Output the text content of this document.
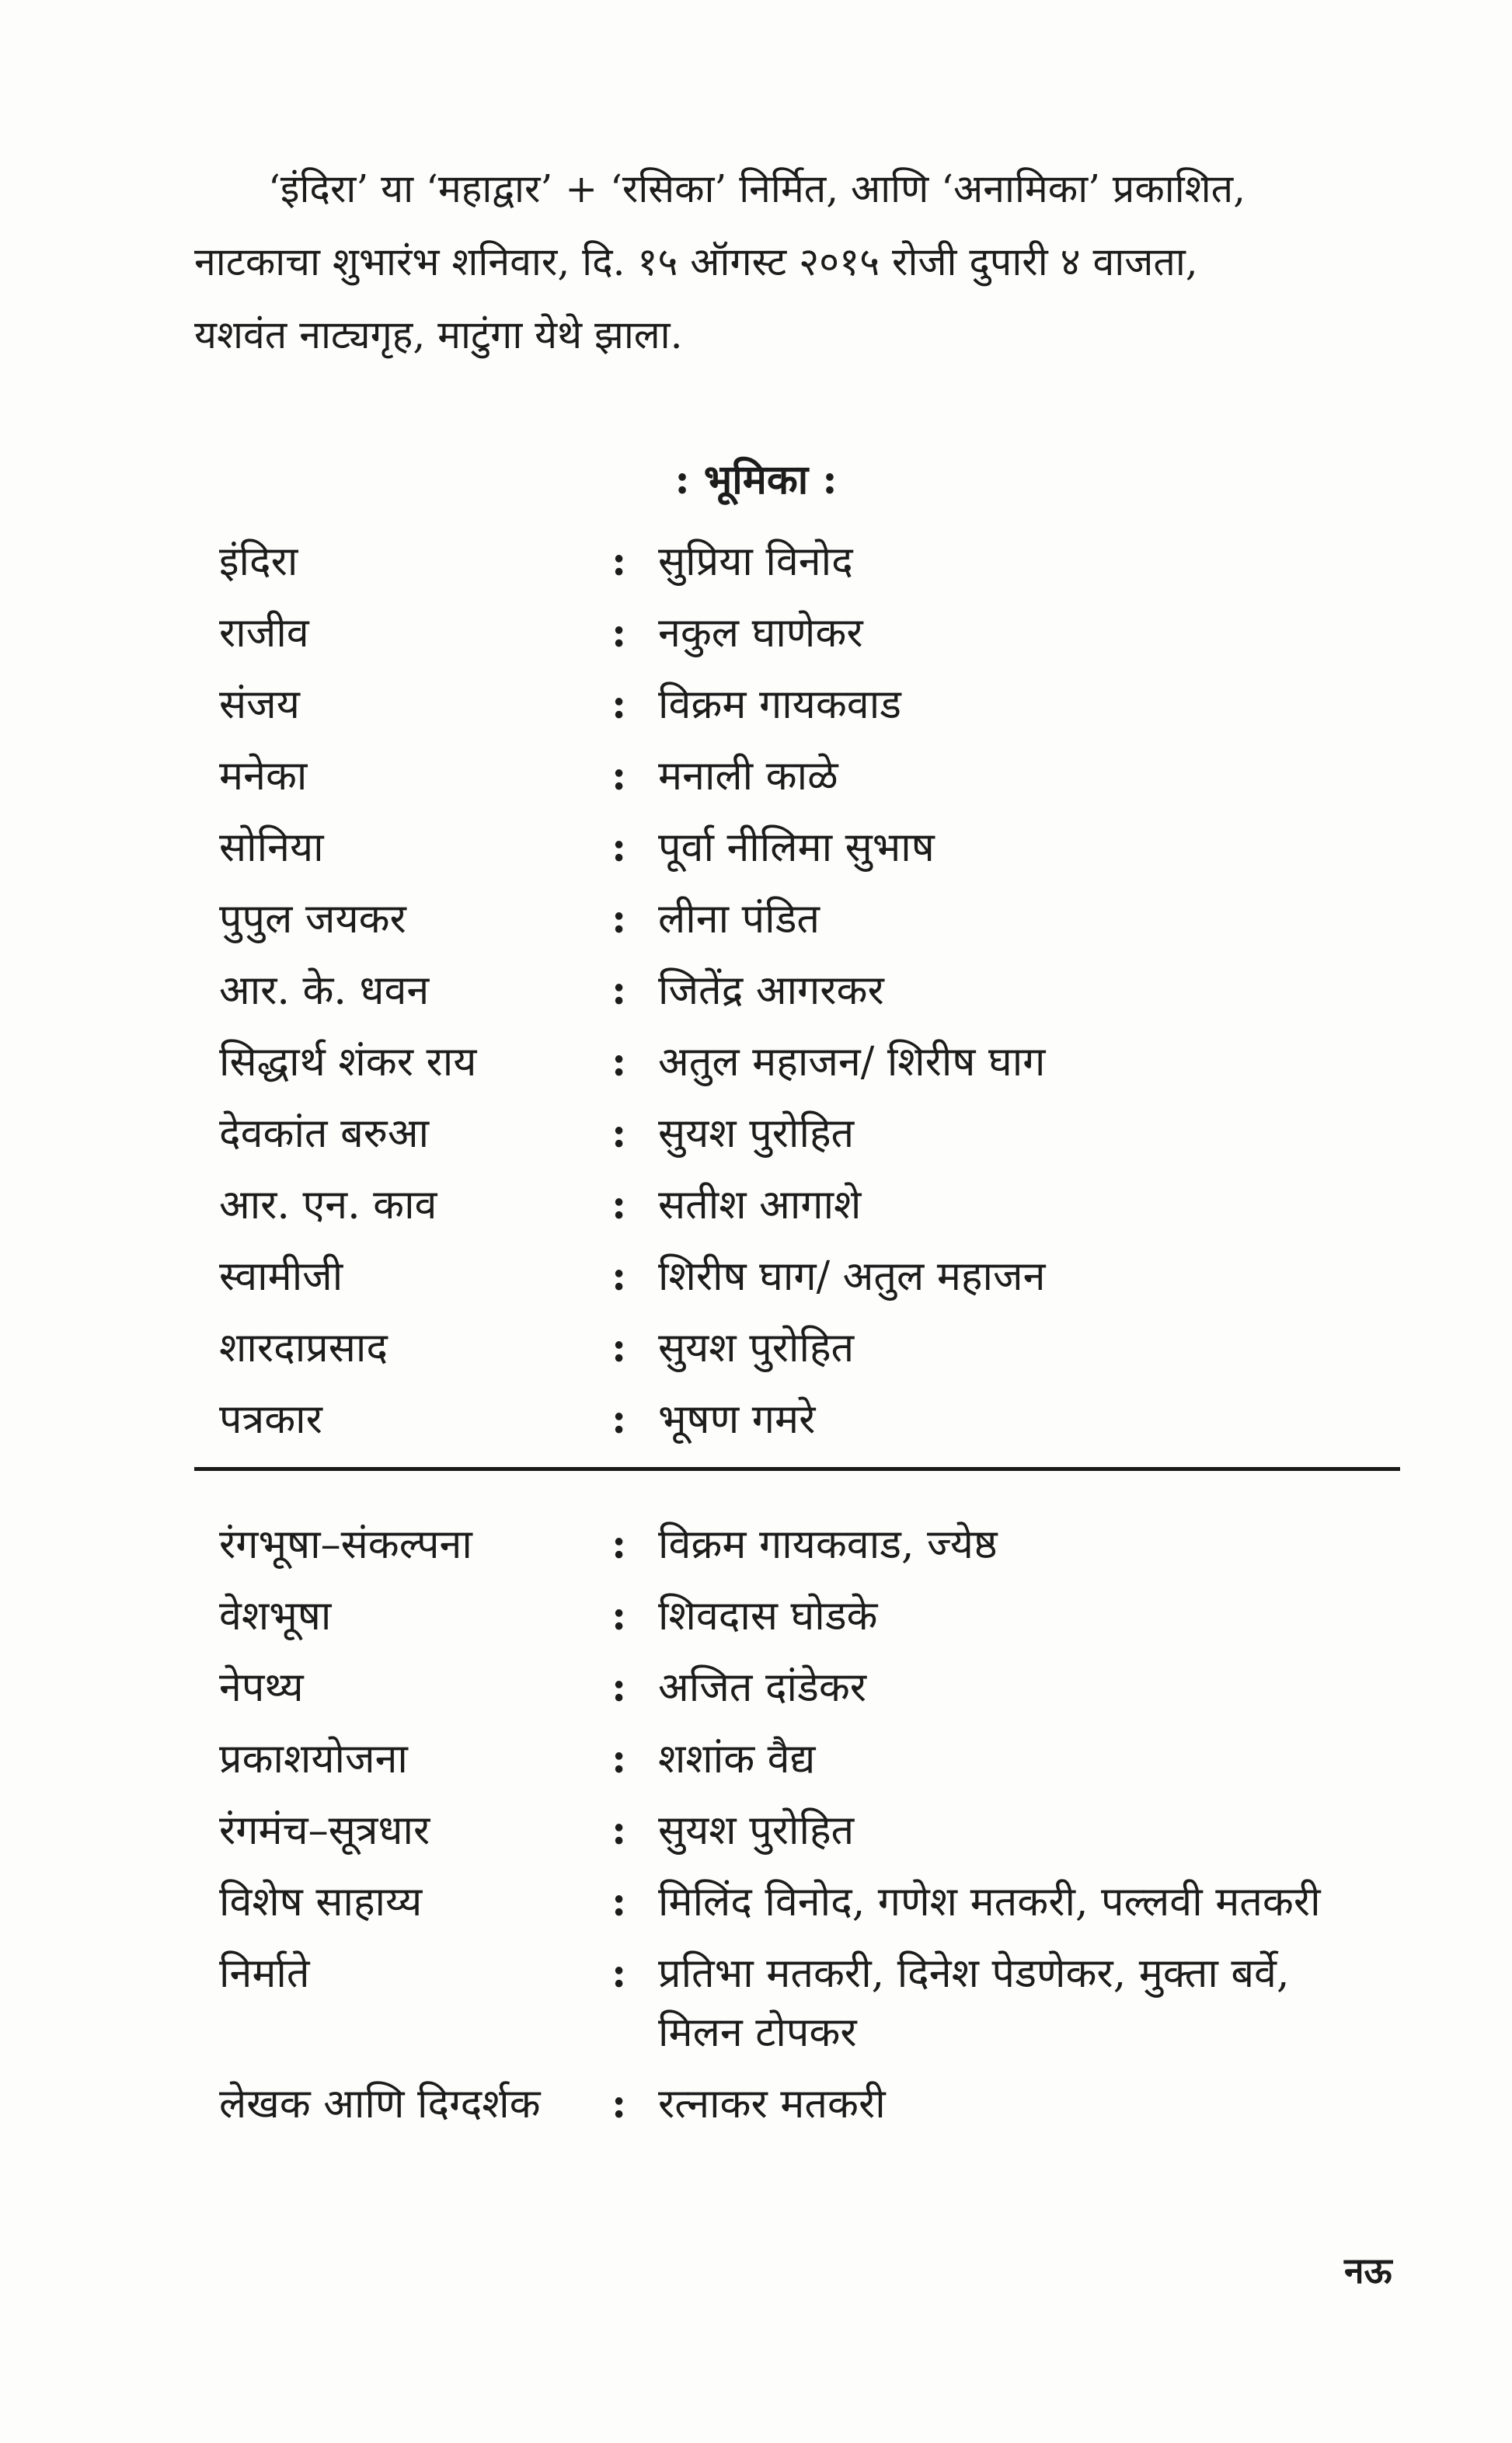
‘इंदिरा’ या ‘महाद्वार’ + ‘रसिका’ निर्मित, आणि ‘अनामिका’ प्रकाशित,
नाटकाचा शुभारंभ शनिवार, दि. १५ ऑगस्ट २०१५ रोजी दुपारी ४ वाजता,
यशवंत नाट्यगृह, माटुंगा येथे झाला.
: भूमिका :
इंदिरा	: सुप्रिया विनोद
राजीव	: नकुल घाणेकर
संजय	: विक्रम गायकवाड
मनेका	: मनाली काळे
सोनिया	: पूर्वा नीलिमा सुभाष
पुपुल जयकर	: लीना पंडित
आर. के. धवन	: जितेंद्र आगरकर
सिद्धार्थ शंकर राय	: अतुल महाजन/ शिरीष घाग
देवकांत बरुआ	: सुयश पुरोहित
आर. एन. काव	: सतीश आगाशे
स्वामीजी	: शिरीष घाग/ अतुल महाजन
शारदाप्रसाद	: सुयश पुरोहित
पत्रकार	: भूषण गमरे
रंगभूषा–संकल्पना	: विक्रम गायकवाड, ज्येष्ठ
वेशभूषा	: शिवदास घोडके
नेपथ्य	: अजित दांडेकर
प्रकाशयोजना	: शशांक वैद्य
रंगमंच–सूत्रधार	: सुयश पुरोहित
विशेष साहाय्य	: मिलिंद विनोद, गणेश मतकरी, पल्लवी मतकरी
निर्माते	: प्रतिभा मतकरी, दिनेश पेडणेकर, मुक्ता बर्वे,
मिलन टोपकर
लेखक आणि दिग्दर्शक	: रत्नाकर मतकरी
नऊ
